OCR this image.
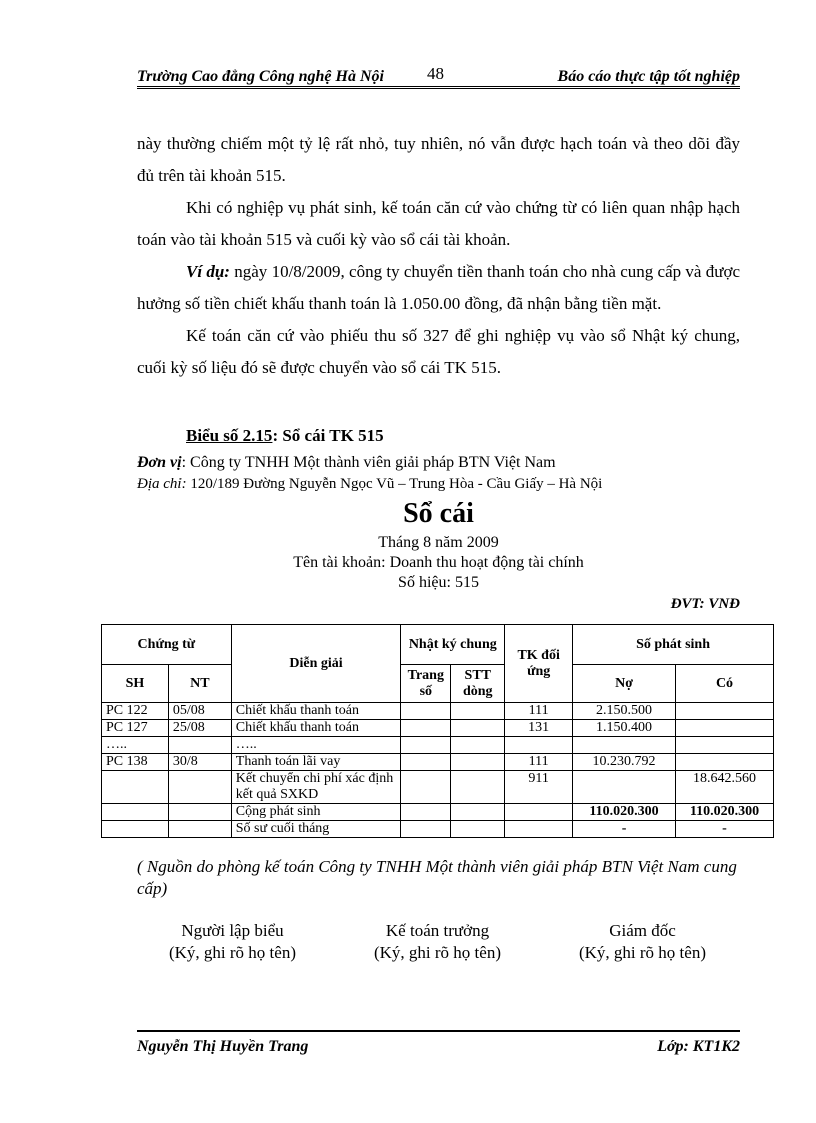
Trường Cao đẳng Công nghệ Hà Nội	48	Báo cáo thực tập tốt nghiệp

này thường chiếm một tỷ lệ rất nhỏ, tuy nhiên, nó vẫn được hạch toán và theo dõi đầy đủ trên tài khoản 515.

Khi có nghiệp vụ phát sinh, kế toán căn cứ vào chứng từ có liên quan nhập hạch toán vào tài khoản 515 và cuối kỳ vào sổ cái tài khoản.

Ví dụ: ngày 10/8/2009, công ty chuyển tiền thanh toán cho nhà cung cấp và được hưởng số tiền chiết khấu thanh toán là 1.050.00 đồng, đã nhận bằng tiền mặt.

Kế toán căn cứ vào phiếu thu số 327 để ghi nghiệp vụ vào sổ Nhật ký chung, cuối kỳ số liệu đó sẽ được chuyển vào sổ cái TK 515.

Biểu số 2.15: Sổ cái TK 515
Đơn vị: Công ty TNHH Một thành viên giải pháp BTN Việt Nam
Địa chỉ: 120/189 Đường Nguyễn Ngọc Vũ – Trung Hòa - Cầu Giấy – Hà Nội
Sổ cái
Tháng 8 năm 2009
Tên tài khoản: Doanh thu hoạt động tài chính
Số hiệu: 515
ĐVT: VNĐ
Chứng từ		Diễn giải	Nhật ký chung		TK đối ứng	Số phát sinh	
SH	NT		Trang số	STT dòng		Nợ	Có
PC 122	05/08	Chiết khấu thanh toán			111	2.150.500	
PC 127	25/08	Chiết khấu thanh toán			131	1.150.400	
…..		…..					
PC 138	30/8	Thanh toán lãi vay			111	10.230.792	
		Kết chuyển chi phí xác định kết quả SXKD			911		18.642.560
		Cộng phát sinh				110.020.300	110.020.300
		Số sư cuối tháng				-	-
( Nguồn do phòng kế toán Công ty TNHH Một thành viên giải pháp BTN Việt Nam cung cấp)
Người lập biểu
(Ký, ghi rõ họ tên)
Kế toán trưởng
(Ký, ghi rõ họ tên)
Giám đốc
(Ký, ghi rõ họ tên)
Nguyễn Thị Huyền Trang	Lớp: KT1K2
